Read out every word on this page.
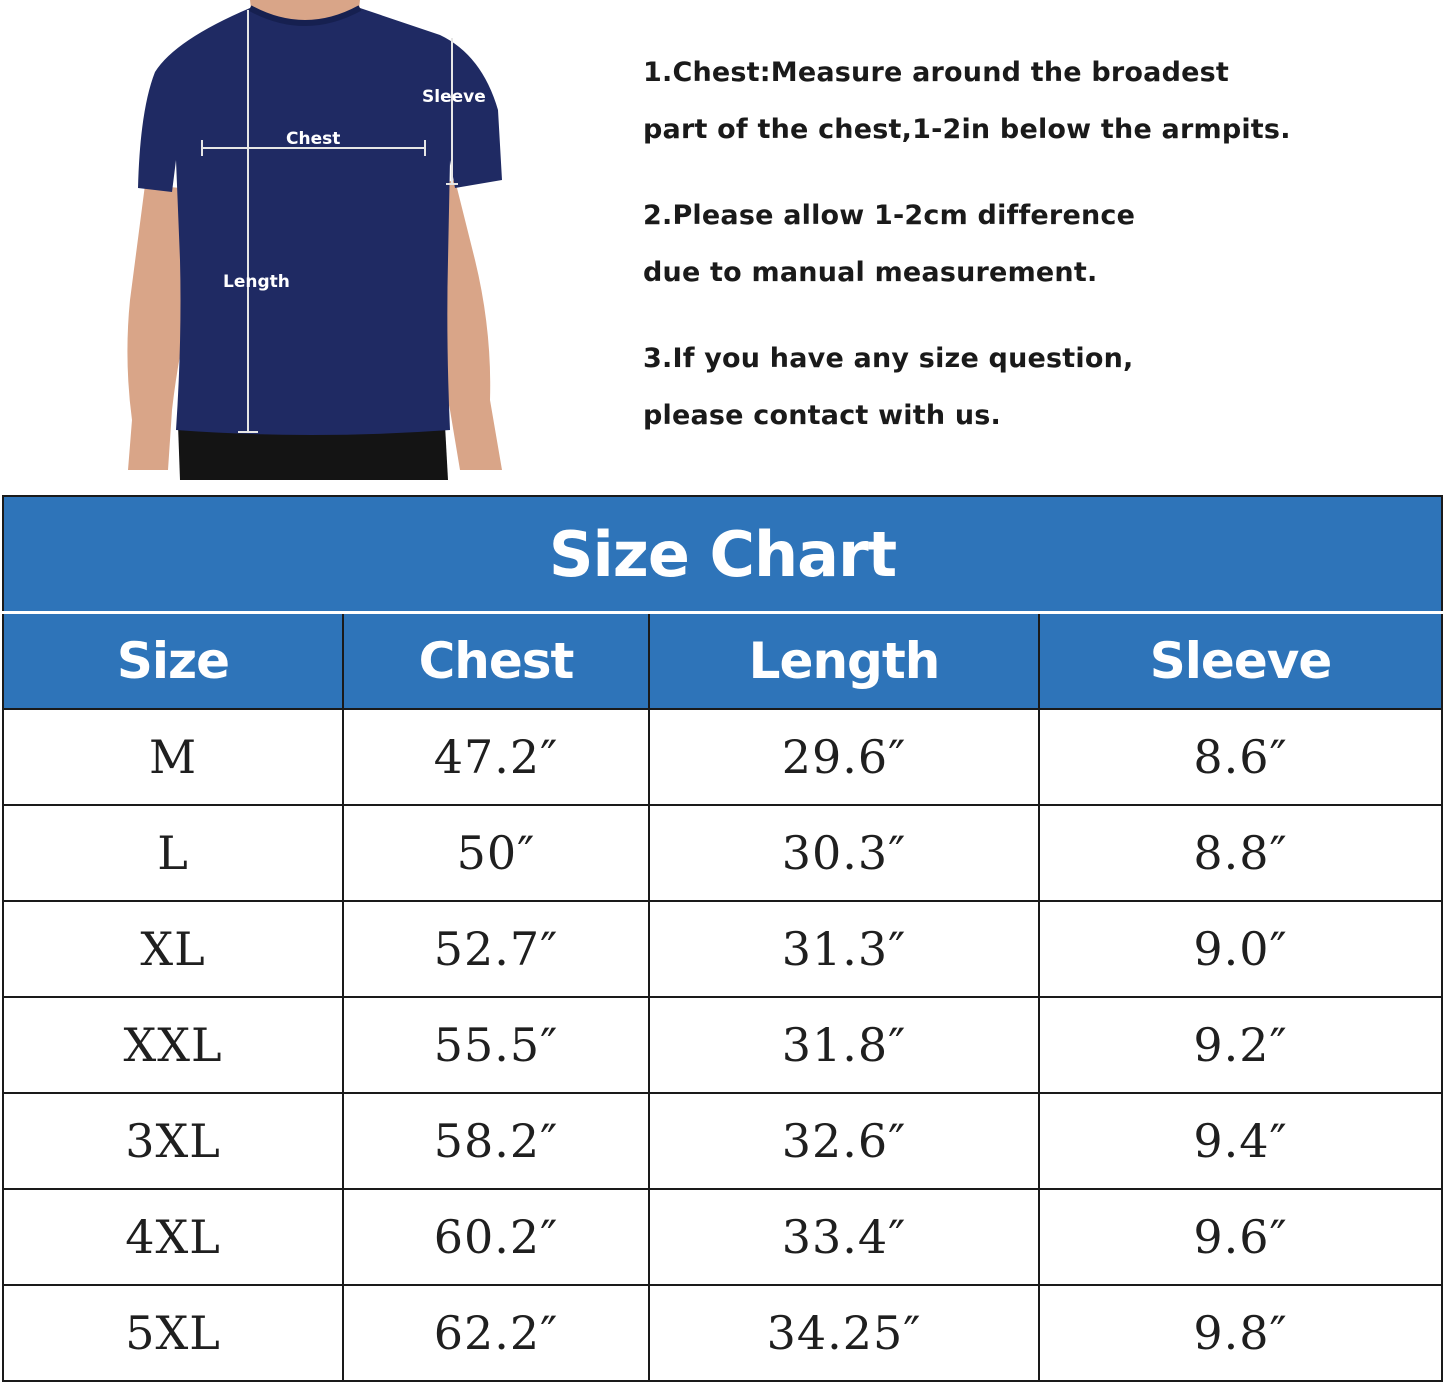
Chest
Sleeve
Length

1.Chest:Measure around the broadest
part of the chest,1-2in below the armpits.

2.Please allow 1-2cm difference
due to manual measurement.

3.If you have any size question,
please contact with us.

Size Chart			
Size	Chest	Length	Sleeve
M	47.2″	29.6″	8.6″
L	50″	30.3″	8.8″
XL	52.7″	31.3″	9.0″
XXL	55.5″	31.8″	9.2″
3XL	58.2″	32.6″	9.4″
4XL	60.2″	33.4″	9.6″
5XL	62.2″	34.25″	9.8″
